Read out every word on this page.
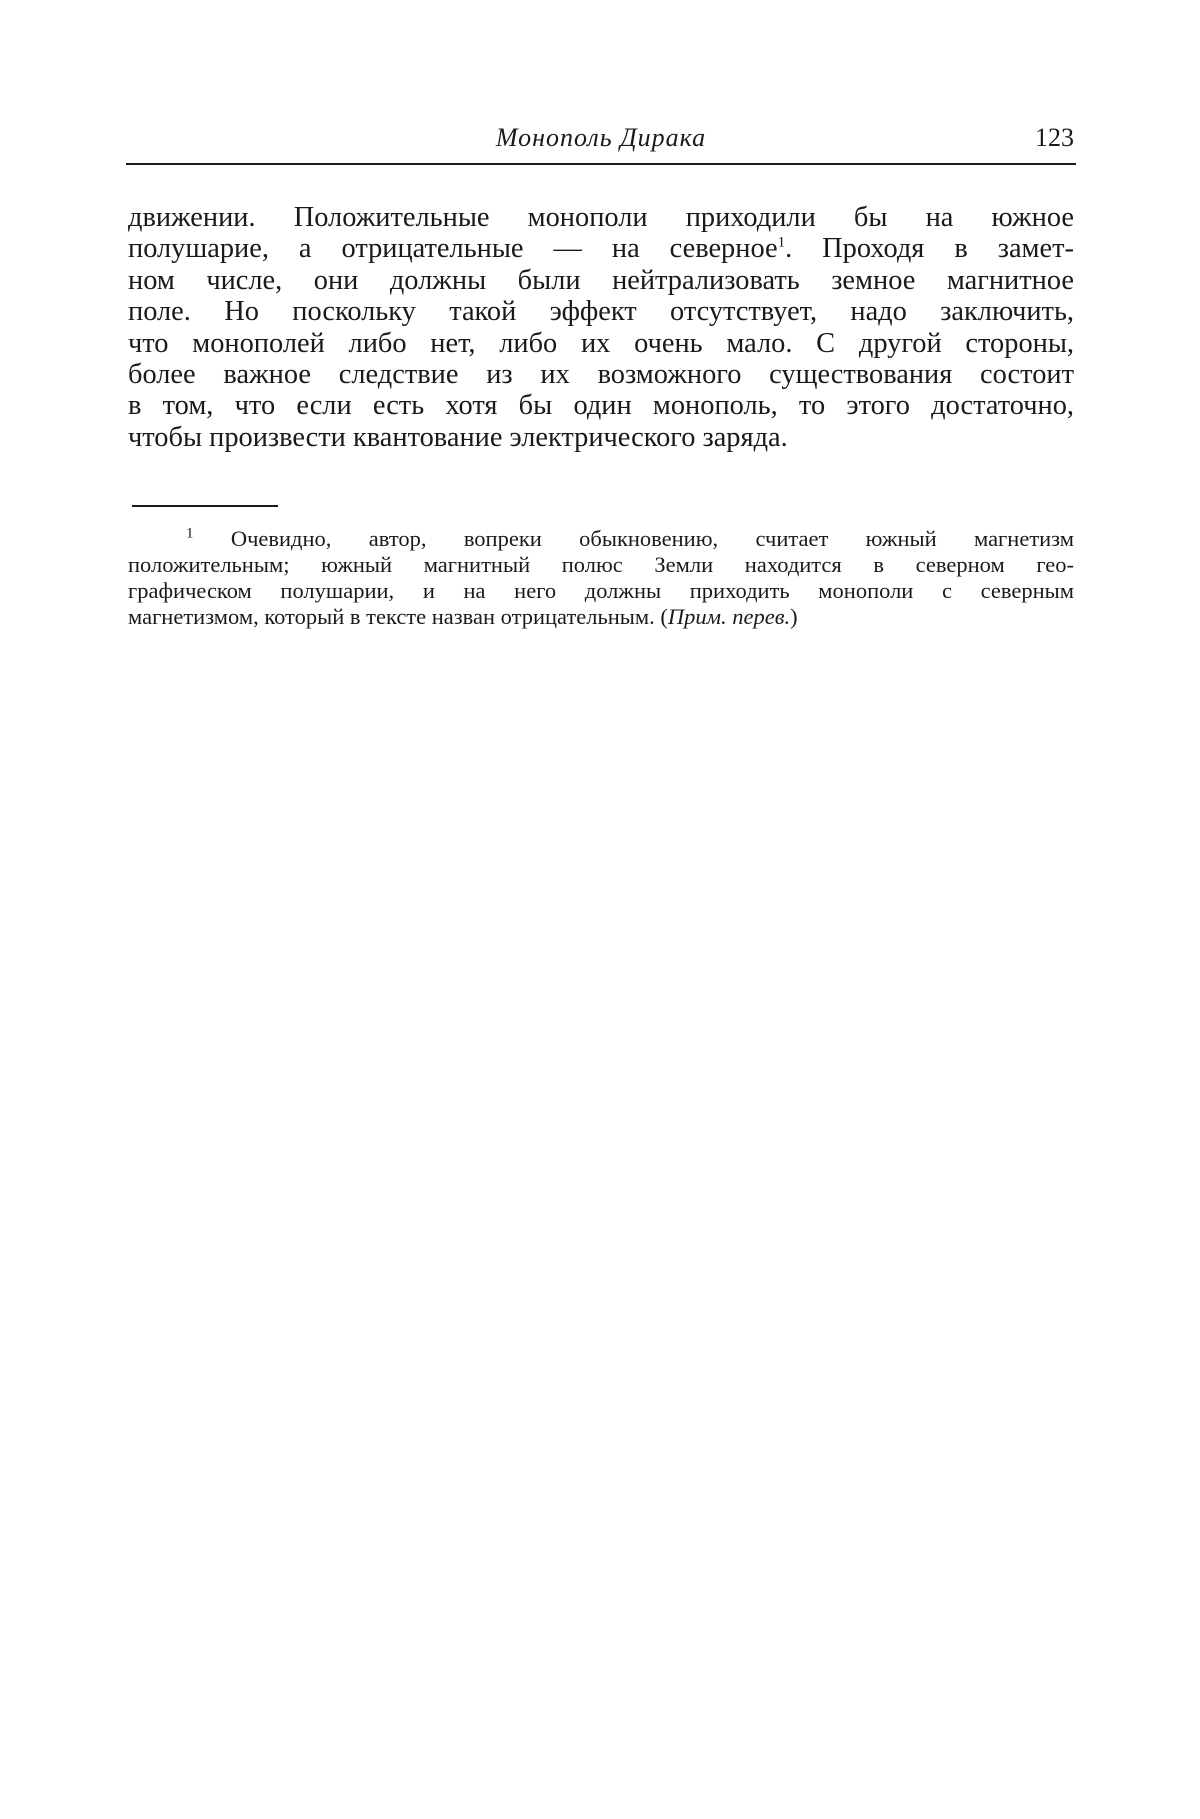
Монополь Дирака	123
движении. Положительные монополи приходили бы на южное
полушарие, а отрицательные — на северное$^1$. Проходя в замет-
ном числе, они должны были нейтрализовать земное магнитное
поле. Но поскольку такой эффект отсутствует, надо заключить,
что монополей либо нет, либо их очень мало. С другой стороны,
более важное следствие из их возможного существования состоит
в том, что если есть хотя бы один монополь, то этого достаточно,
чтобы произвести квантование электрического заряда.
$^1$ Очевидно, автор, вопреки обыкновению, считает южный магнетизм
положительным; южный магнитный полюс Земли находится в северном гео-
графическом полушарии, и на него должны приходить монополи с северным
магнетизмом, который в тексте назван отрицательным. (Прим. перев.)
